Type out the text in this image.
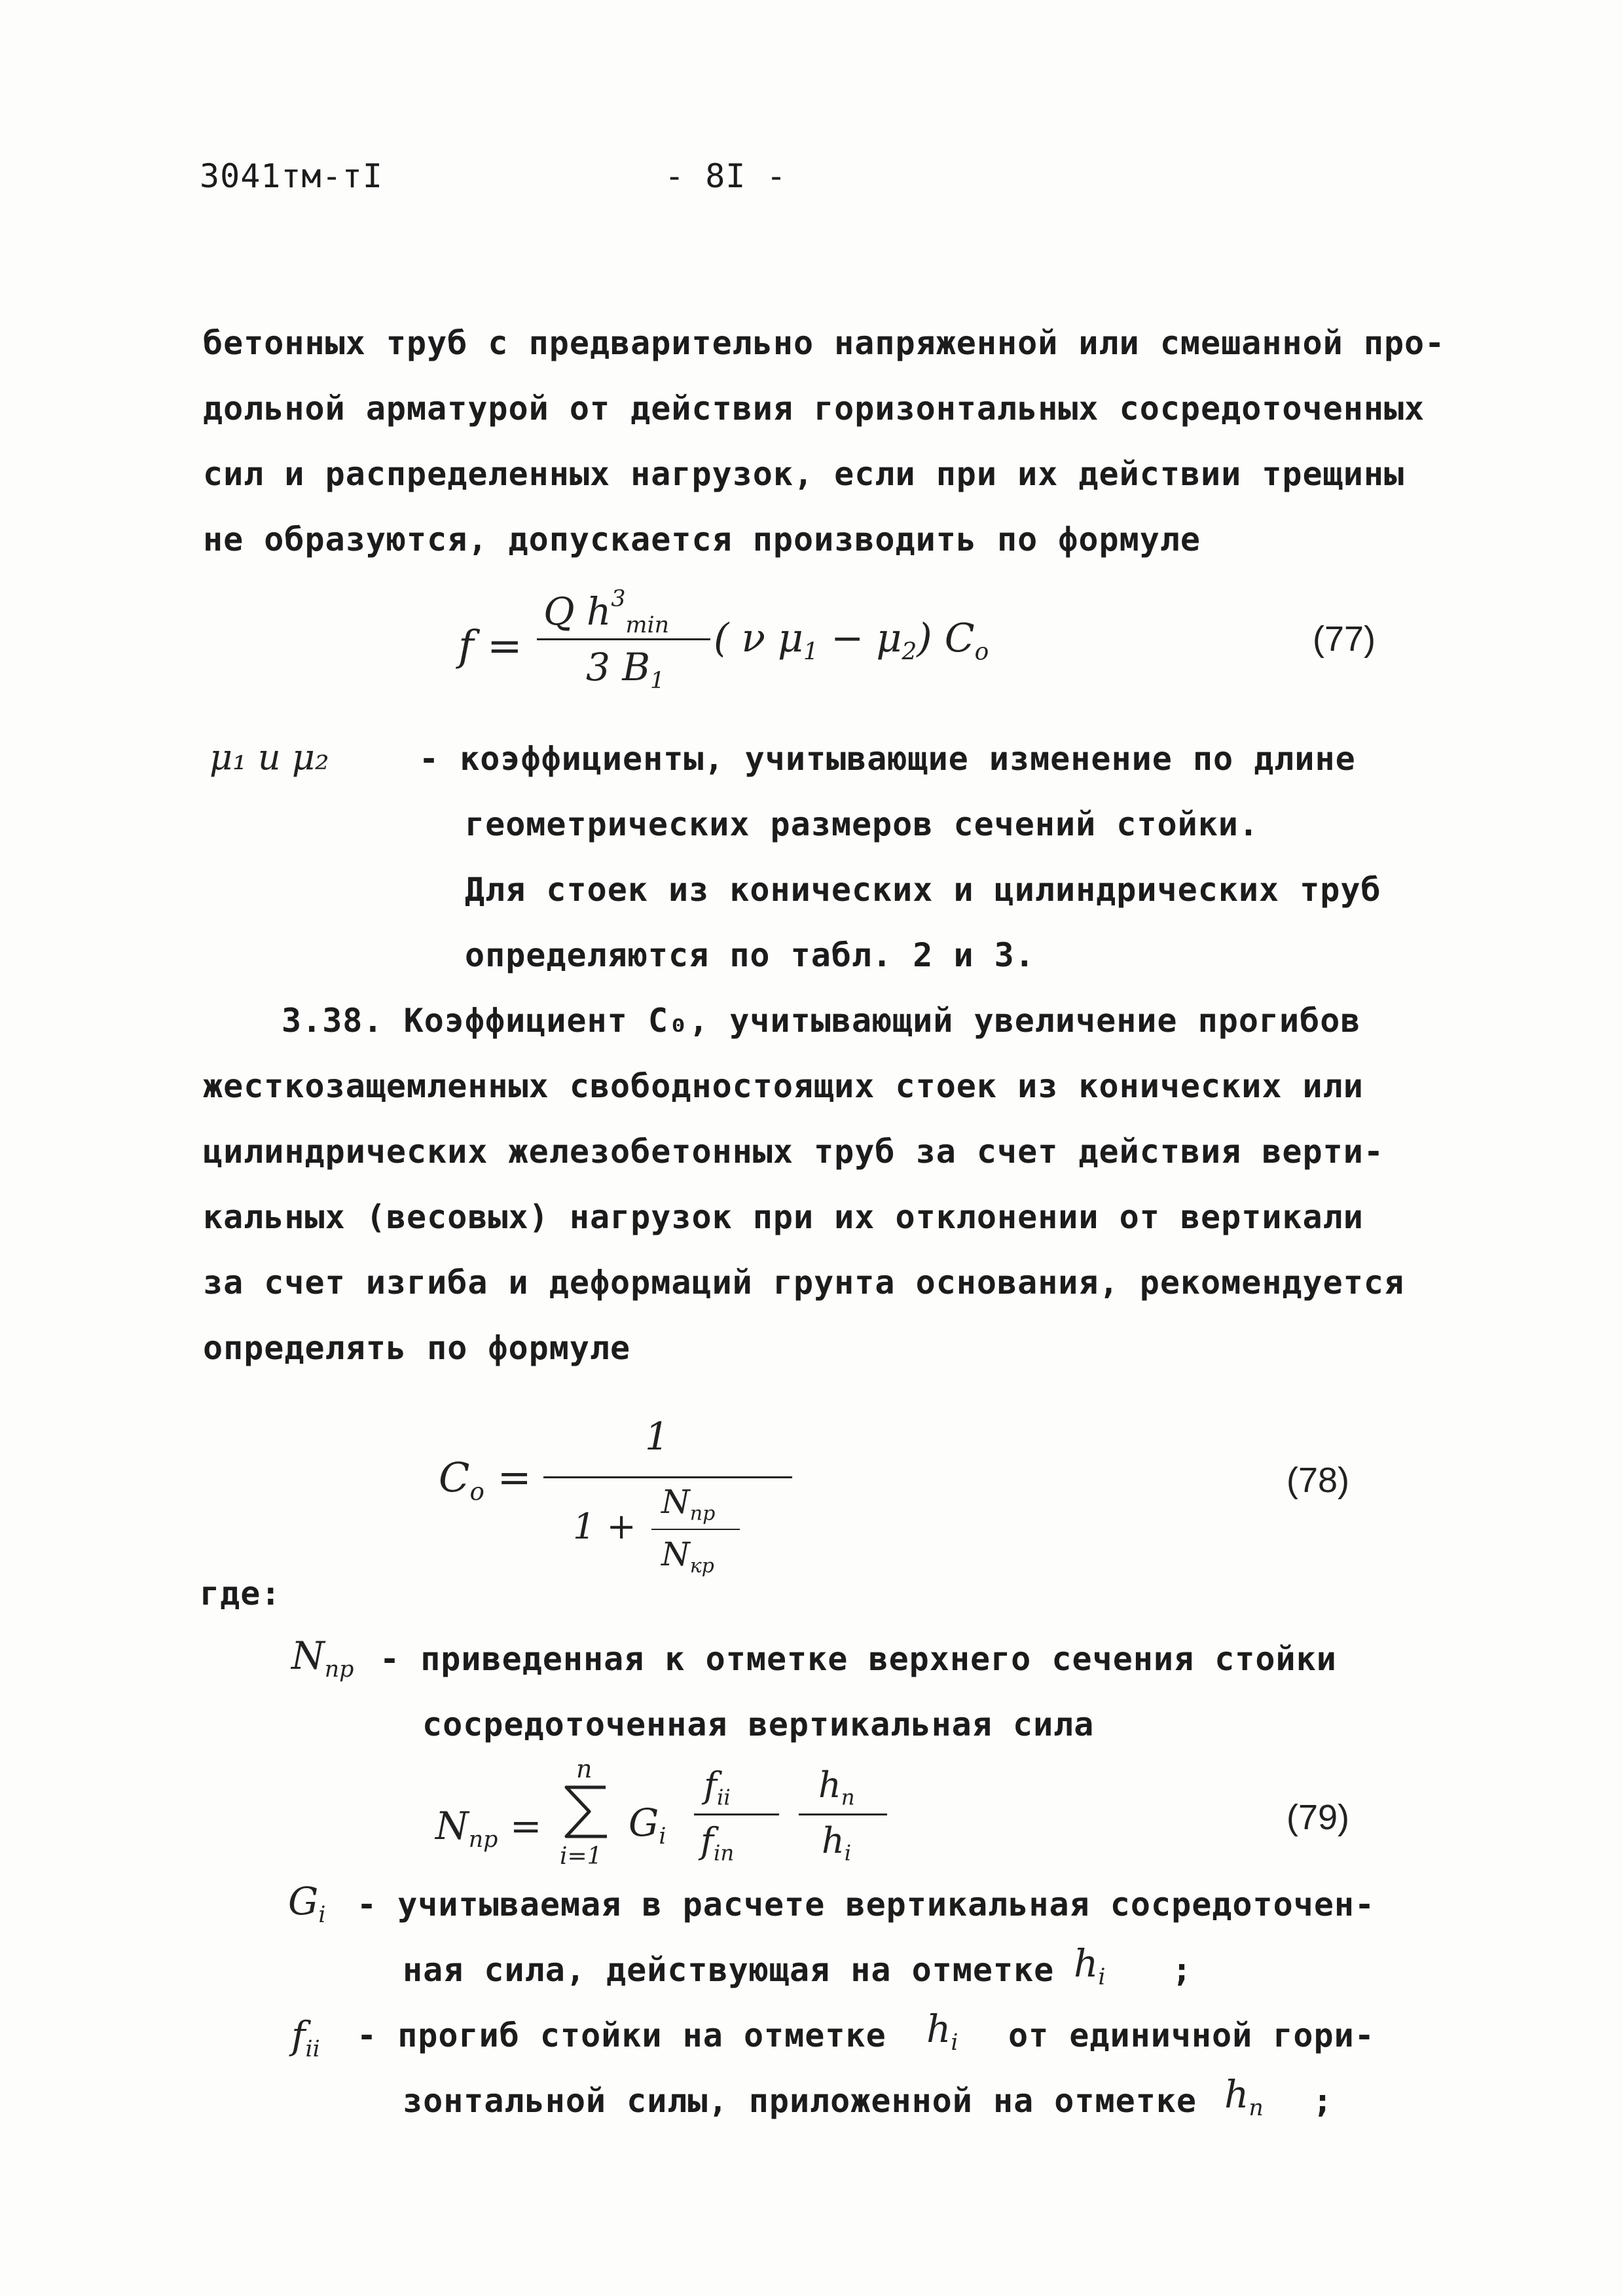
3041тм-тI	- 8I -
бетонных труб с предварительно напряженной или смешанной про-
дольной арматурой от действия горизонтальных сосредоточенных
сил и распределенных нагрузок, если при их действии трещины
не образуются, допускается производить по формуле
f =
Q $h^3_{min}$
3 $B_1$
( ν $\mu_1 - \mu_2$) $C_o$	(77)
μ₁ и μ₂	- коэффициенты, учитывающие изменение по длине
геометрических размеров сечений стойки.
Для стоек из конических и цилиндрических труб
определяются по табл. 2 и 3.
3.38. Коэффициент C₀, учитывающий увеличение прогибов
жесткозащемленных свободностоящих стоек из конических или
цилиндрических железобетонных труб за счет действия верти-
кальных (весовых) нагрузок при их отклонении от вертикали
за счет изгиба и деформаций грунта основания, рекомендуется
определять по формуле
$C_o$ =
1
1 +
$N_{пр}$
$N_{кр}$
(78)
где:
$N_{пр}$ - приведенная к отметке верхнего сечения стойки
сосредоточенная вертикальная сила
$N_{пр}$ =
n
i=1
$G_i$
$f_{ii}$
$f_{in}$
$h_n$
$h_i$
(79)
$G_i$ - учитываемая в расчете вертикальная сосредоточен-
ная сила, действующая на отметке $h_i$ ;
$f_{ii}$ - прогиб стойки на отметке $h_i$ от единичной гори-
зонтальной силы, приложенной на отметке $h_n$ ;
